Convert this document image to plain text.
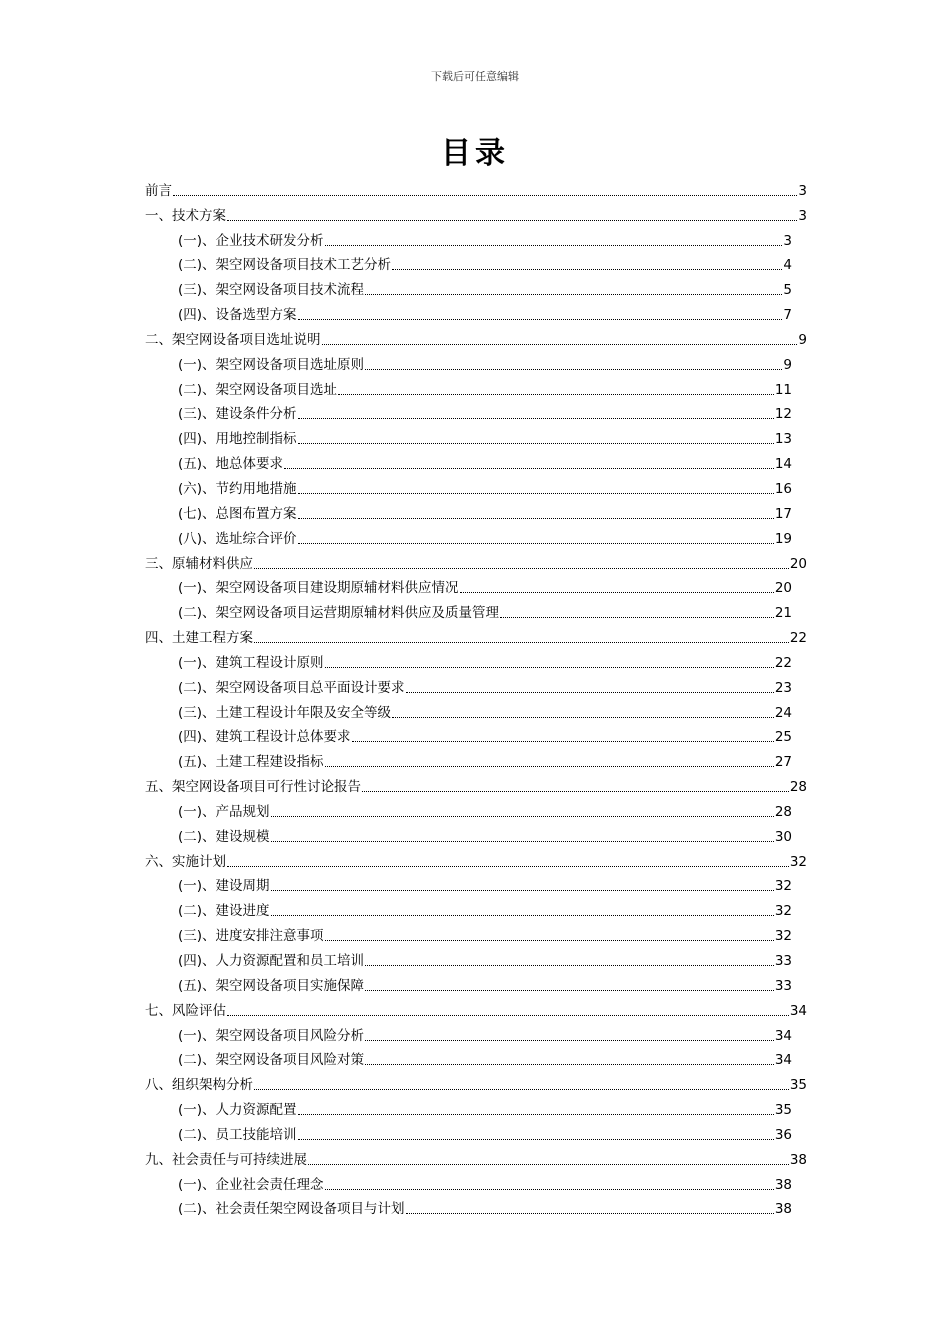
下载后可任意编辑
目录
前言	3
一、技术方案	3
(一)、企业技术研发分析	3
(二)、架空网设备项目技术工艺分析	4
(三)、架空网设备项目技术流程	5
(四)、设备选型方案	7
二、架空网设备项目选址说明	9
(一)、架空网设备项目选址原则	9
(二)、架空网设备项目选址	11
(三)、建设条件分析	12
(四)、用地控制指标	13
(五)、地总体要求	14
(六)、节约用地措施	16
(七)、总图布置方案	17
(八)、选址综合评价	19
三、原辅材料供应	20
(一)、架空网设备项目建设期原辅材料供应情况	20
(二)、架空网设备项目运营期原辅材料供应及质量管理	21
四、土建工程方案	22
(一)、建筑工程设计原则	22
(二)、架空网设备项目总平面设计要求	23
(三)、土建工程设计年限及安全等级	24
(四)、建筑工程设计总体要求	25
(五)、土建工程建设指标	27
五、架空网设备项目可行性讨论报告	28
(一)、产品规划	28
(二)、建设规模	30
六、实施计划	32
(一)、建设周期	32
(二)、建设进度	32
(三)、进度安排注意事项	32
(四)、人力资源配置和员工培训	33
(五)、架空网设备项目实施保障	33
七、风险评估	34
(一)、架空网设备项目风险分析	34
(二)、架空网设备项目风险对策	34
八、组织架构分析	35
(一)、人力资源配置	35
(二)、员工技能培训	36
九、社会责任与可持续进展	38
(一)、企业社会责任理念	38
(二)、社会责任架空网设备项目与计划	38
